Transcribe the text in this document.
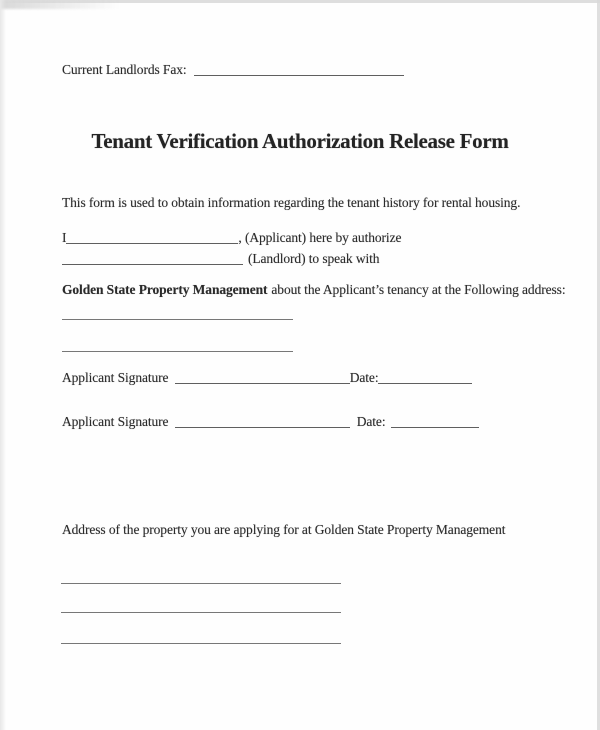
Current Landlords Fax:
Tenant Verification Authorization Release Form
This form is used to obtain information regarding the tenant history for rental housing.
I	, (Applicant) here by authorize
(Landlord) to speak with
Golden State Property Management about the Applicant’s tenancy at the Following address:
Applicant Signature	Date:
Applicant Signature	Date:
Address of the property you are applying for at Golden State Property Management
